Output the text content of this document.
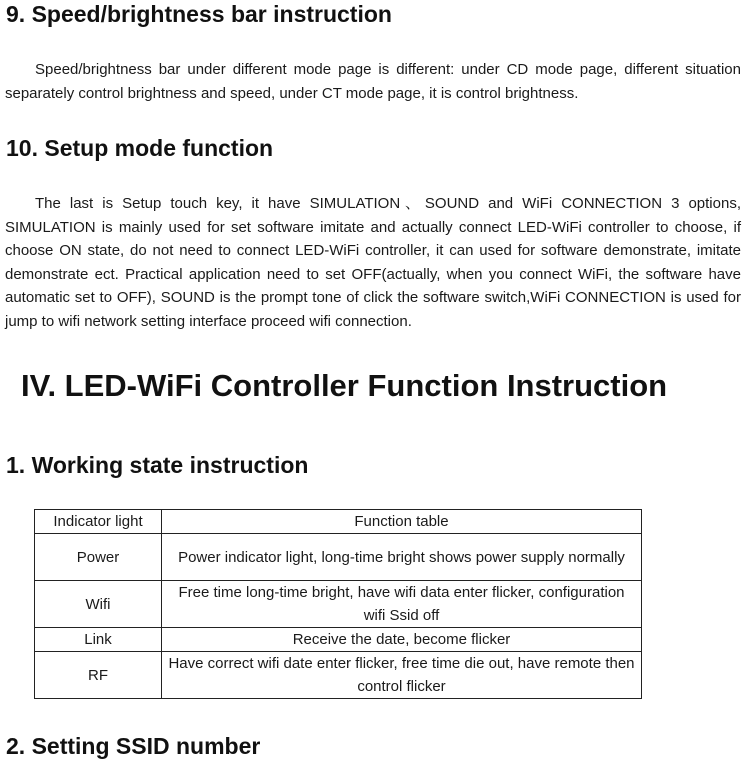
9. Speed/brightness bar instruction

Speed/brightness bar under different mode page is different: under CD mode page, different situation separately control brightness and speed, under CT mode page, it is control brightness.

10. Setup mode function

The last is Setup touch key, it have SIMULATION、SOUND and WiFi CONNECTION 3 options, SIMULATION is mainly used for set software imitate and actually connect LED-WiFi controller to choose, if choose ON state, do not need to connect LED-WiFi controller, it can used for software demonstrate, imitate demonstrate ect. Practical application need to set OFF(actually, when you connect WiFi, the software have automatic set to OFF), SOUND is the prompt tone of click the software switch,WiFi CONNECTION is used for jump to wifi network setting interface proceed wifi connection.

IV. LED-WiFi Controller Function Instruction
1. Working state instruction
Indicator light	Function table
Power	Power indicator light, long-time bright shows power supply normally
Wifi	Free time long-time bright, have wifi data enter flicker, configuration wifi Ssid off
Link	Receive the date, become flicker
RF	Have correct wifi date enter flicker, free time die out, have remote then control flicker
2. Setting SSID number
